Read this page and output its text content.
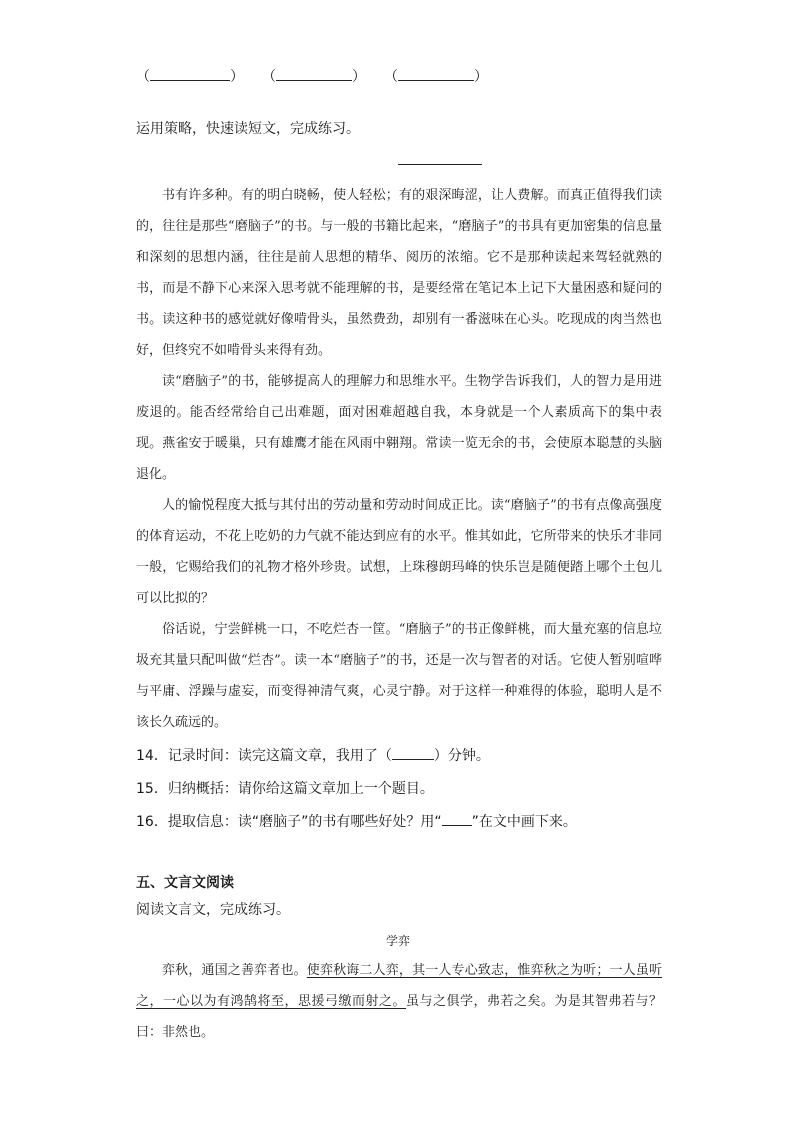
（	） （	） （	）
运用策略，快速读短文，完成练习。

书有许多种。有的明白晓畅，使人轻松；有的艰深晦涩，让人费解。而真正值得我们读的，往往是那些“磨脑子”的书。与一般的书籍比起来，“磨脑子”的书具有更加密集的信息量和深刻的思想内涵，往往是前人思想的精华、阅历的浓缩。它不是那种读起来驾轻就熟的书，而是不静下心来深入思考就不能理解的书，是要经常在笔记本上记下大量困惑和疑问的书。读这种书的感觉就好像啃骨头，虽然费劲，却别有一番滋味在心头。吃现成的肉当然也好，但终究不如啃骨头来得有劲。

读“磨脑子”的书，能够提高人的理解力和思维水平。生物学告诉我们，人的智力是用进废退的。能否经常给自己出难题，面对困难超越自我，本身就是一个人素质高下的集中表现。燕雀安于暖巢，只有雄鹰才能在风雨中翱翔。常读一览无余的书，会使原本聪慧的头脑退化。

人的愉悦程度大抵与其付出的劳动量和劳动时间成正比。读“磨脑子”的书有点像高强度的体育运动，不花上吃奶的力气就不能达到应有的水平。惟其如此，它所带来的快乐才非同一般，它赐给我们的礼物才格外珍贵。试想，上珠穆朗玛峰的快乐岂是随便踏上哪个土包儿可以比拟的？

俗话说，宁尝鲜桃一口，不吃烂杏一筐。“磨脑子”的书正像鲜桃，而大量充塞的信息垃圾充其量只配叫做“烂杏”。读一本“磨脑子”的书，还是一次与智者的对话。它使人暂别喧哗与平庸、浮躁与虚妄，而变得神清气爽，心灵宁静。对于这样一种难得的体验，聪明人是不该长久疏远的。

14．记录时间：读完这篇文章，我用了（	）分钟。
15．归纳概括：请你给这篇文章加上一个题目。
16．提取信息：读“磨脑子”的书有哪些好处？用“ ”在文中画下来。
五、文言文阅读
阅读文言文，完成练习。
学弈

弈秋，通国之善弈者也。使弈秋诲二人弈，其一人专心致志，惟弈秋之为听；一人虽听之，一心以为有鸿鹄将至，思援弓缴而射之。虽与之俱学，弗若之矣。为是其智弗若与？曰：非然也。
